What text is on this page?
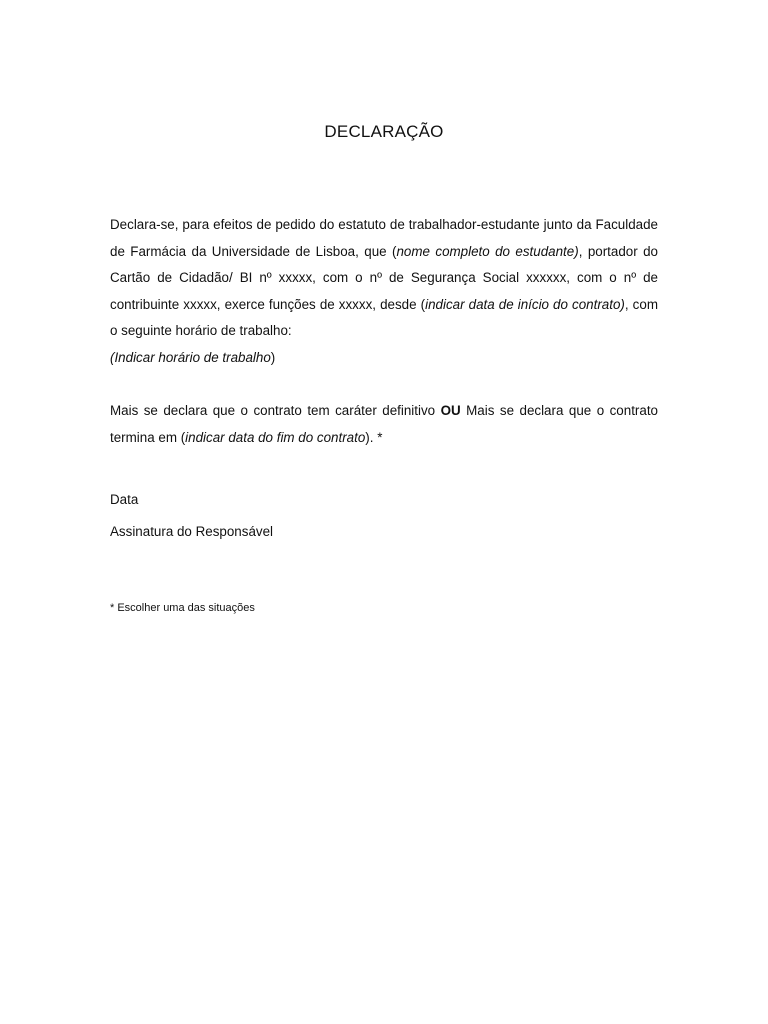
DECLARAÇÃO

Declara-se, para efeitos de pedido do estatuto de trabalhador-estudante junto da Faculdade de Farmácia da Universidade de Lisboa, que (nome completo do estudante), portador do Cartão de Cidadão/ BI nº xxxxx, com o nº de Segurança Social xxxxxx, com o nº de contribuinte xxxxx, exerce funções de xxxxx, desde (indicar data de início do contrato), com o seguinte horário de trabalho:

(Indicar horário de trabalho)

Mais se declara que o contrato tem caráter definitivo OU Mais se declara que o contrato termina em (indicar data do fim do contrato). *

Data

Assinatura do Responsável

* Escolher uma das situações
